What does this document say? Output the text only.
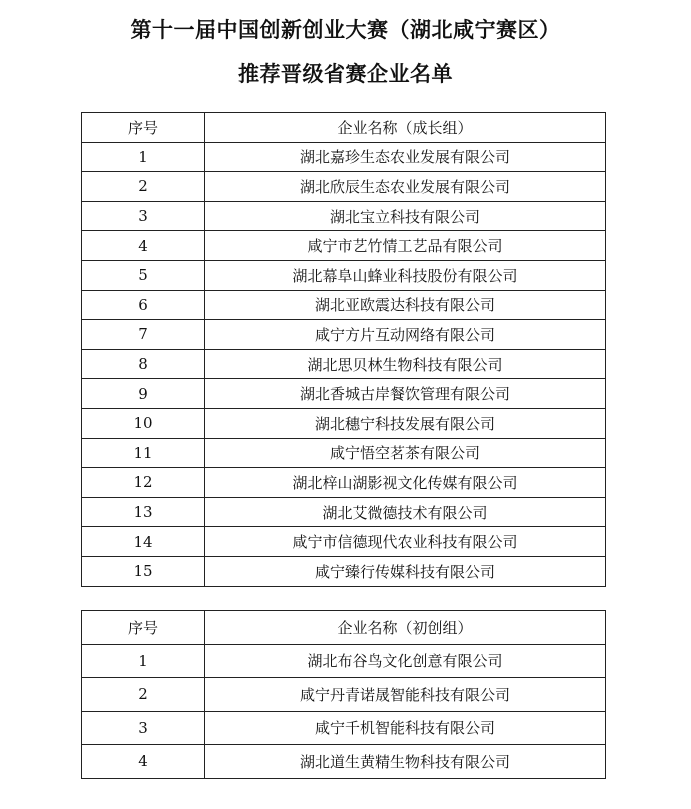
第十一届中国创新创业大赛（湖北咸宁赛区）
推荐晋级省赛企业名单
序号	企业名称（成长组）
1	湖北嘉珍生态农业发展有限公司
2	湖北欣辰生态农业发展有限公司
3	湖北宝立科技有限公司
4	咸宁市艺竹情工艺品有限公司
5	湖北幕阜山蜂业科技股份有限公司
6	湖北亚欧震达科技有限公司
7	咸宁方片互动网络有限公司
8	湖北思贝林生物科技有限公司
9	湖北香城古岸餐饮管理有限公司
10	湖北穗宁科技发展有限公司
11	咸宁悟空茗茶有限公司
12	湖北梓山湖影视文化传媒有限公司
13	湖北艾微德技术有限公司
14	咸宁市信德现代农业科技有限公司
15	咸宁臻行传媒科技有限公司
序号	企业名称（初创组）
1	湖北布谷鸟文化创意有限公司
2	咸宁丹青诺晟智能科技有限公司
3	咸宁千机智能科技有限公司
4	湖北道生黄精生物科技有限公司
